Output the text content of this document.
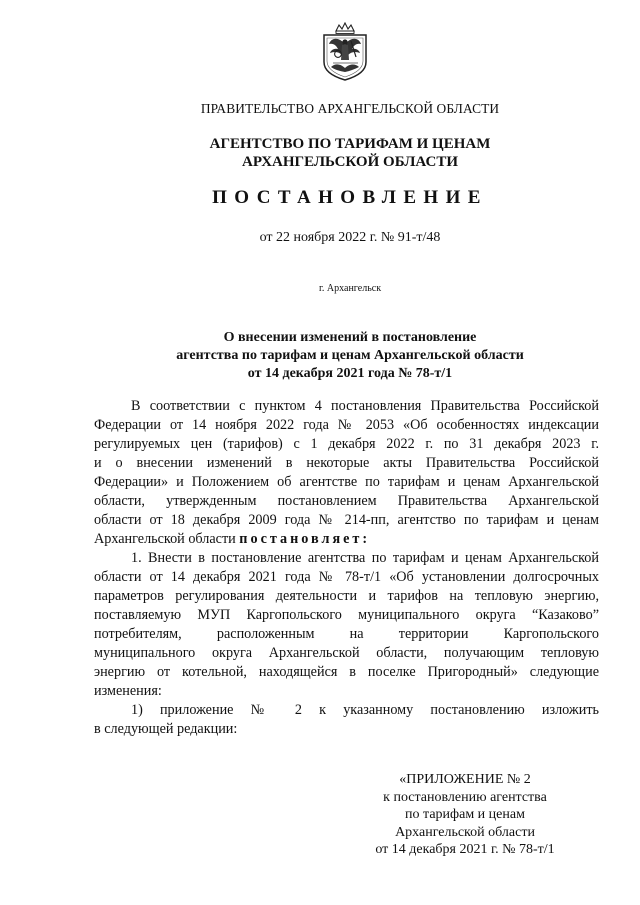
ПРАВИТЕЛЬСТВО АРХАНГЕЛЬСКОЙ ОБЛАСТИ
АГЕНТСТВО ПО ТАРИФАМ И ЦЕНАМ
АРХАНГЕЛЬСКОЙ ОБЛАСТИ
ПОСТАНОВЛЕНИЕ
от 22 ноября 2022 г. № 91-т/48
г. Архангельск
О внесении изменений в постановление
агентства по тарифам и ценам Архангельской области
от 14 декабря 2021 года № 78-т/1
В соответствии с пунктом 4 постановления Правительства Российской
Федерации от 14 ноября 2022 года № 2053 «Об особенностях индексации
регулируемых цен (тарифов) с 1 декабря 2022 г. по 31 декабря 2023 г.
и о внесении изменений в некоторые акты Правительства Российской
Федерации» и Положением об агентстве по тарифам и ценам Архангельской
области, утвержденным постановлением Правительства Архангельской
области от 18 декабря 2009 года № 214-пп, агентство по тарифам и ценам
Архангельской области постановляет:
1. Внести в постановление агентства по тарифам и ценам Архангельской
области от 14 декабря 2021 года № 78-т/1 «Об установлении долгосрочных
параметров регулирования деятельности и тарифов на тепловую энергию,
поставляемую МУП Каргопольского муниципального округа “Казаково”
потребителям, расположенным на территории Каргопольского
муниципального округа Архангельской области, получающим тепловую
энергию от котельной, находящейся в поселке Пригородный» следующие
изменения:
1) приложение № 2 к указанному постановлению изложить
в следующей редакции:
«ПРИЛОЖЕНИЕ № 2
к постановлению агентства
по тарифам и ценам
Архангельской области
от 14 декабря 2021 г. № 78-т/1
